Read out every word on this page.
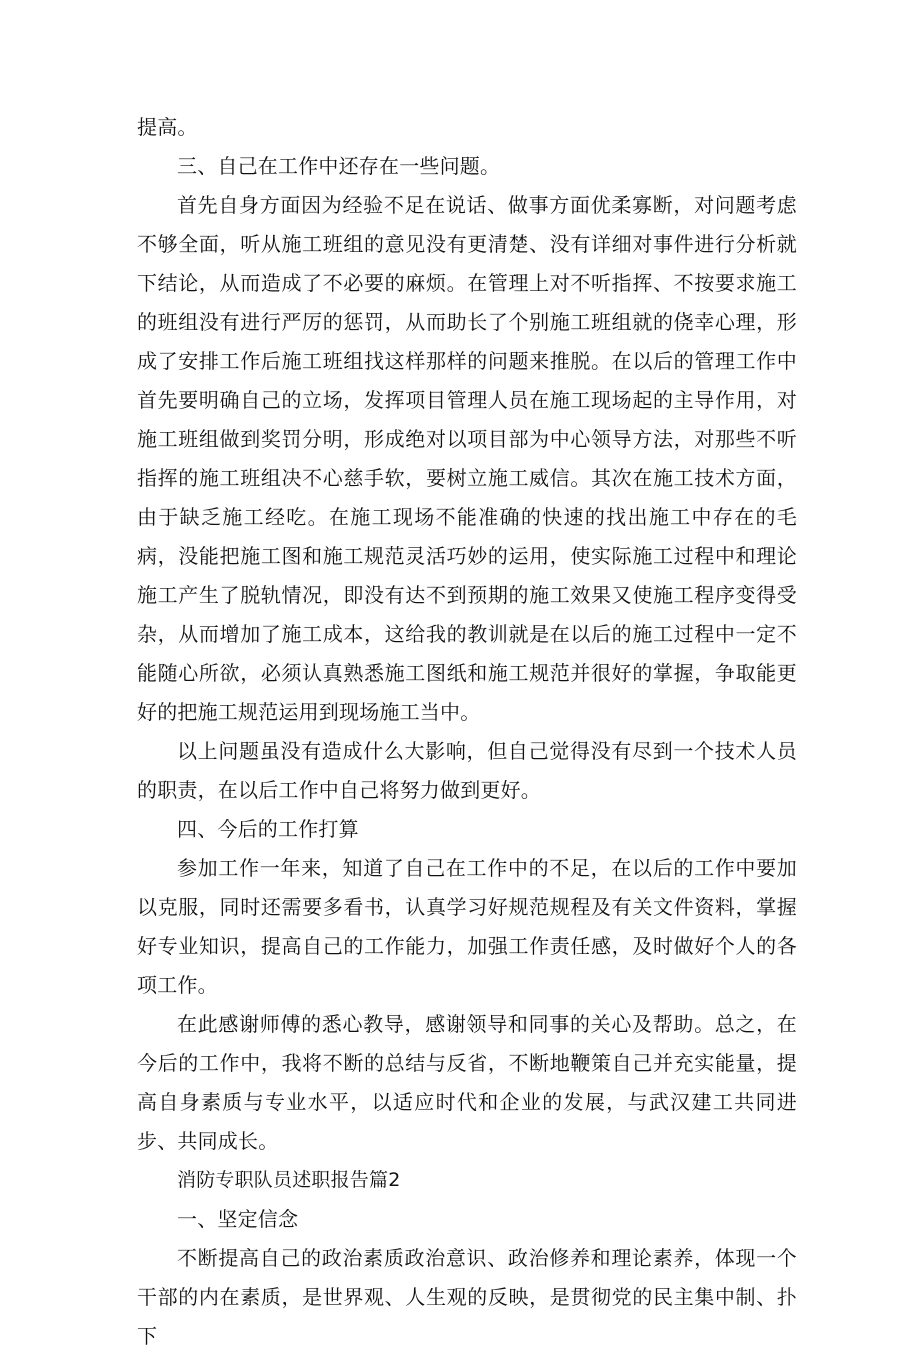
提高。

三、自己在工作中还存在一些问题。

首先自身方面因为经验不足在说话、做事方面优柔寡断，对问题考虑不够全面，听从施工班组的意见没有更清楚、没有详细对事件进行分析就下结论，从而造成了不必要的麻烦。在管理上对不听指挥、不按要求施工的班组没有进行严厉的惩罚，从而助长了个别施工班组就的侥幸心理，形成了安排工作后施工班组找这样那样的问题来推脱。在以后的管理工作中首先要明确自己的立场，发挥项目管理人员在施工现场起的主导作用，对施工班组做到奖罚分明，形成绝对以项目部为中心领导方法，对那些不听指挥的施工班组决不心慈手软，要树立施工威信。其次在施工技术方面，由于缺乏施工经吃。在施工现场不能准确的快速的找出施工中存在的毛病，没能把施工图和施工规范灵活巧妙的运用，使实际施工过程中和理论施工产生了脱轨情况，即没有达不到预期的施工效果又使施工程序变得受杂，从而增加了施工成本，这给我的教训就是在以后的施工过程中一定不能随心所欲，必须认真熟悉施工图纸和施工规范并很好的掌握，争取能更好的把施工规范运用到现场施工当中。

以上问题虽没有造成什么大影响，但自己觉得没有尽到一个技术人员的职责，在以后工作中自己将努力做到更好。

四、今后的工作打算

参加工作一年来，知道了自己在工作中的不足，在以后的工作中要加以克服，同时还需要多看书，认真学习好规范规程及有关文件资料，掌握好专业知识，提高自己的工作能力，加强工作责任感，及时做好个人的各项工作。

在此感谢师傅的悉心教导，感谢领导和同事的关心及帮助。总之，在今后的工作中，我将不断的总结与反省，不断地鞭策自己并充实能量，提高自身素质与专业水平，以适应时代和企业的发展，与武汉建工共同进步、共同成长。

消防专职队员述职报告篇2

一、坚定信念

不断提高自己的政治素质政治意识、政治修养和理论素养，体现一个干部的内在素质，是世界观、人生观的反映，是贯彻党的民主集中制、扑下
